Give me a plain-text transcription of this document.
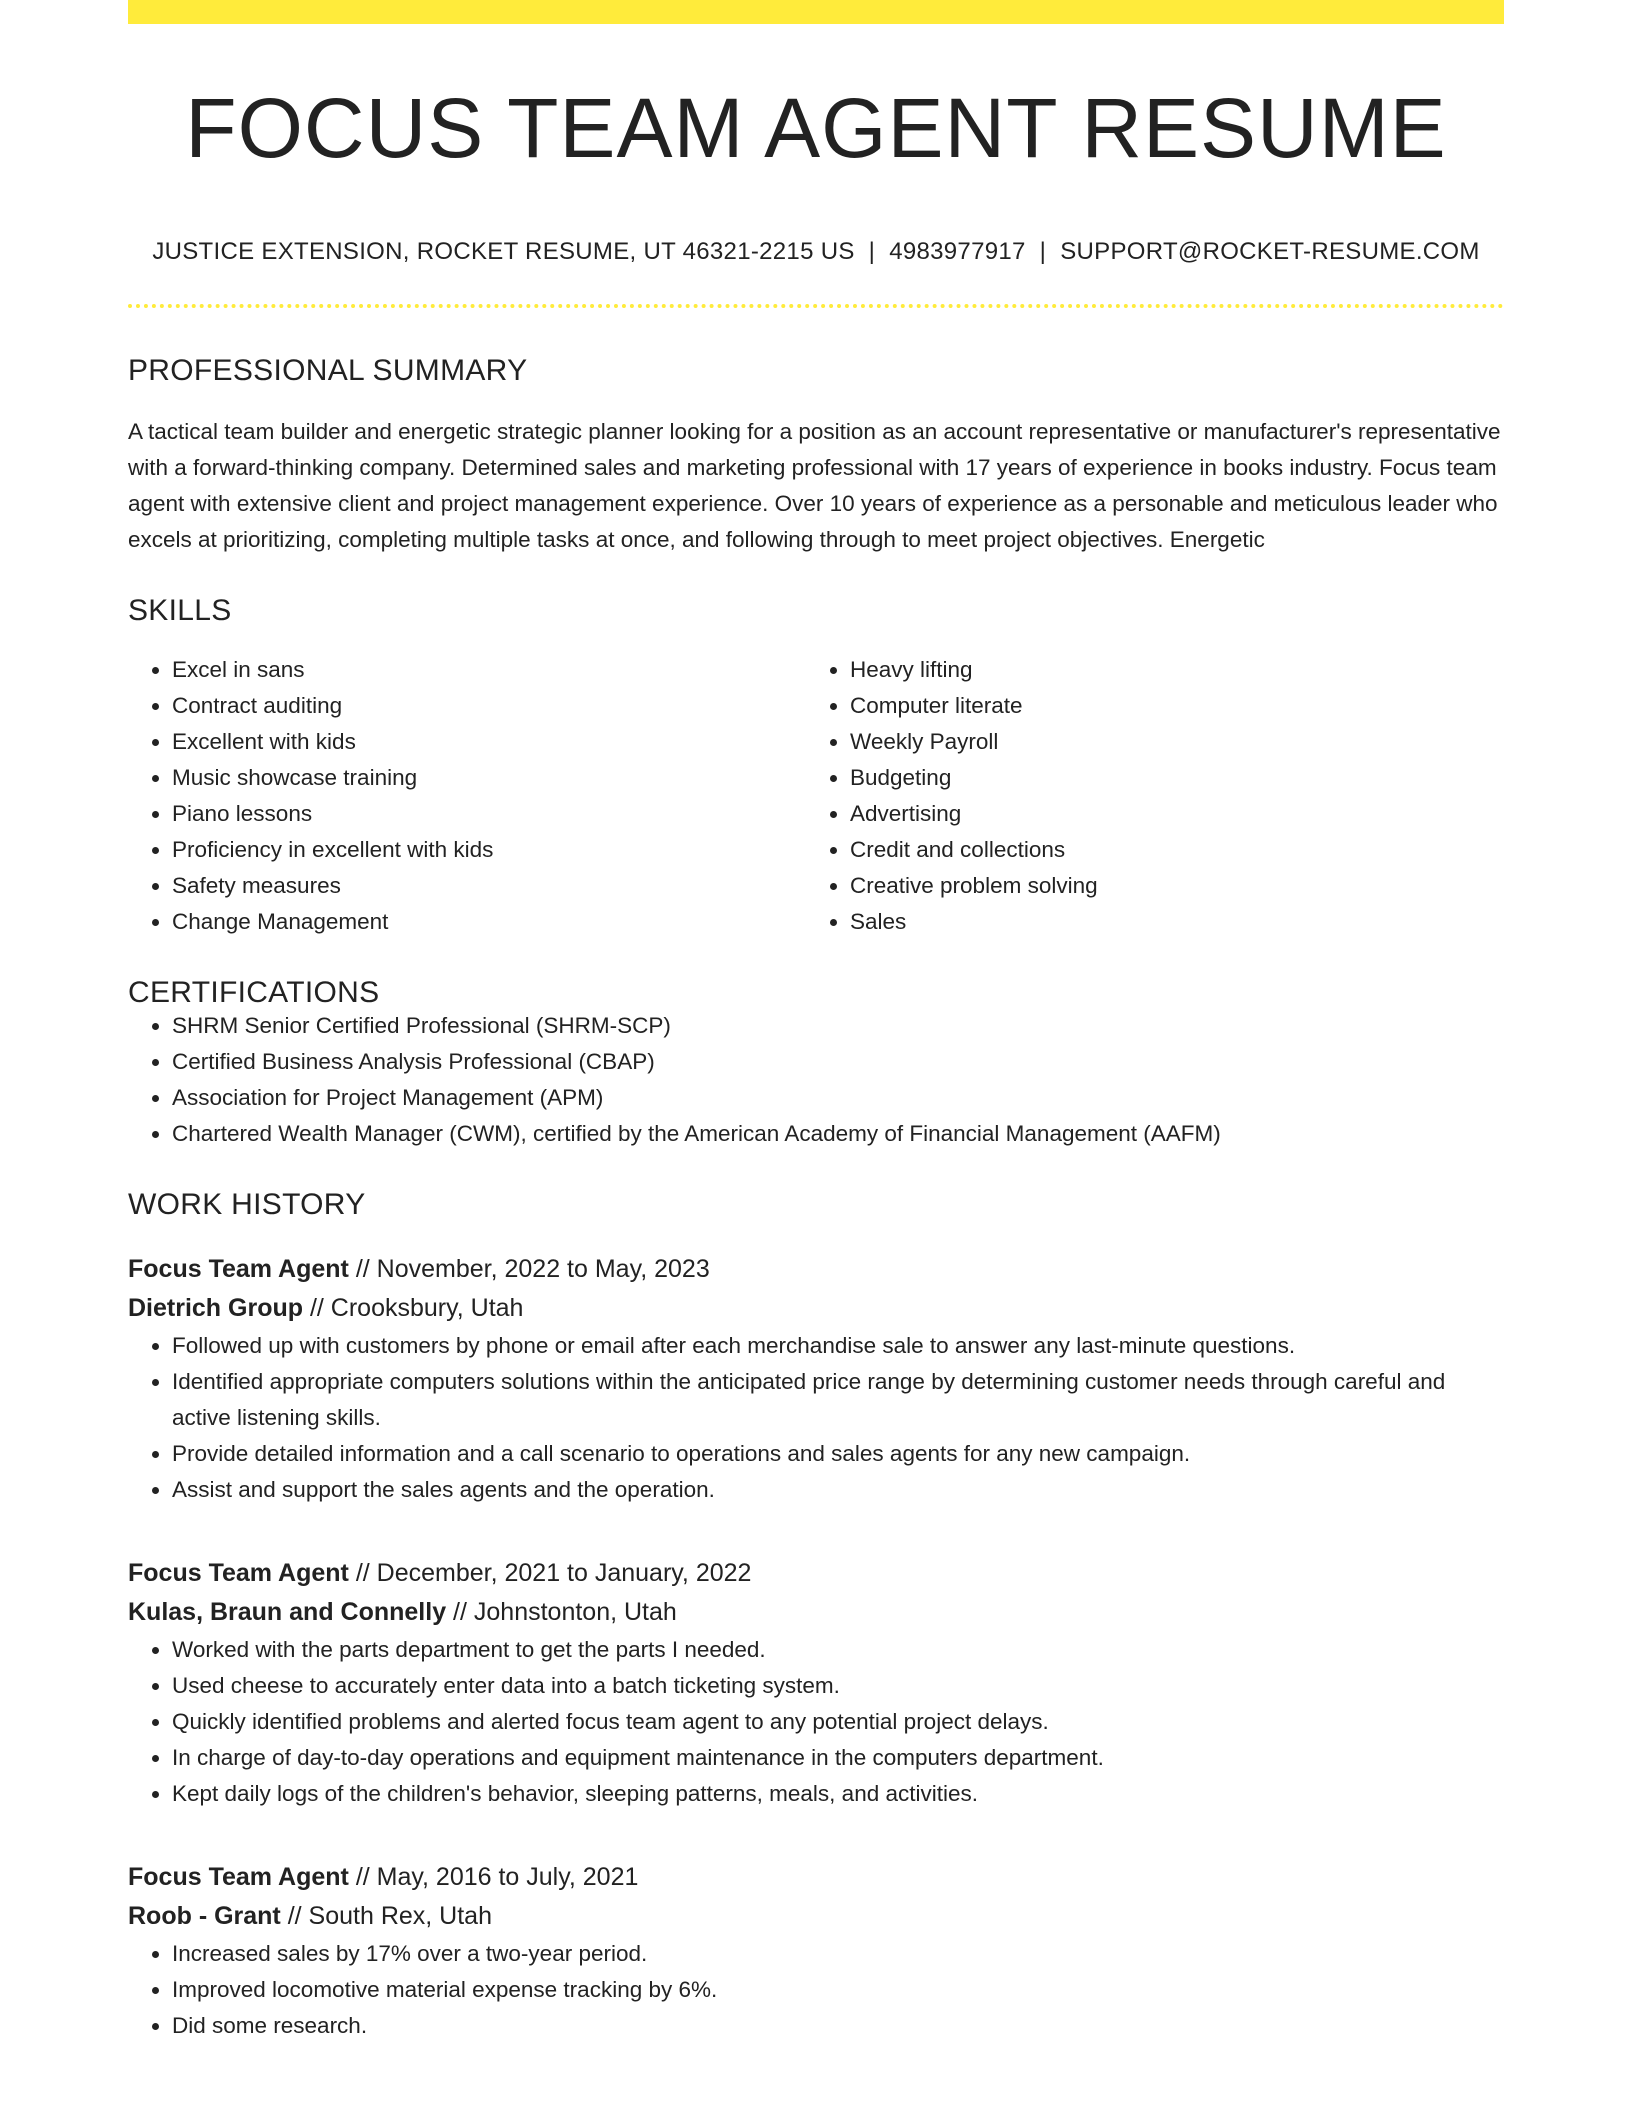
FOCUS TEAM AGENT RESUME
JUSTICE EXTENSION, ROCKET RESUME, UT 46321-2215 US | 4983977917 | SUPPORT@ROCKET-RESUME.COM
PROFESSIONAL SUMMARY

A tactical team builder and energetic strategic planner looking for a position as an account representative or manufacturer's representative with a forward-thinking company. Determined sales and marketing professional with 17 years of experience in books industry. Focus team agent with extensive client and project management experience. Over 10 years of experience as a personable and meticulous leader who excels at prioritizing, completing multiple tasks at once, and following through to meet project objectives. Energetic

SKILLS
• Excel in sans
• Contract auditing
• Excellent with kids
• Music showcase training
• Piano lessons
• Proficiency in excellent with kids
• Safety measures
• Change Management
• Heavy lifting
• Computer literate
• Weekly Payroll
• Budgeting
• Advertising
• Credit and collections
• Creative problem solving
• Sales
CERTIFICATIONS
• SHRM Senior Certified Professional (SHRM-SCP)
• Certified Business Analysis Professional (CBAP)
• Association for Project Management (APM)
• Chartered Wealth Manager (CWM), certified by the American Academy of Financial Management (AAFM)
WORK HISTORY
Focus Team Agent // November, 2022 to May, 2023
Dietrich Group // Crooksbury, Utah
• Followed up with customers by phone or email after each merchandise sale to answer any last-minute questions.
• Identified appropriate computers solutions within the anticipated price range by determining customer needs through careful and active listening skills.
• Provide detailed information and a call scenario to operations and sales agents for any new campaign.
• Assist and support the sales agents and the operation.
Focus Team Agent // December, 2021 to January, 2022
Kulas, Braun and Connelly // Johnstonton, Utah
• Worked with the parts department to get the parts I needed.
• Used cheese to accurately enter data into a batch ticketing system.
• Quickly identified problems and alerted focus team agent to any potential project delays.
• In charge of day-to-day operations and equipment maintenance in the computers department.
• Kept daily logs of the children's behavior, sleeping patterns, meals, and activities.
Focus Team Agent // May, 2016 to July, 2021
Roob - Grant // South Rex, Utah
• Increased sales by 17% over a two-year period.
• Improved locomotive material expense tracking by 6%.
• Did some research.
